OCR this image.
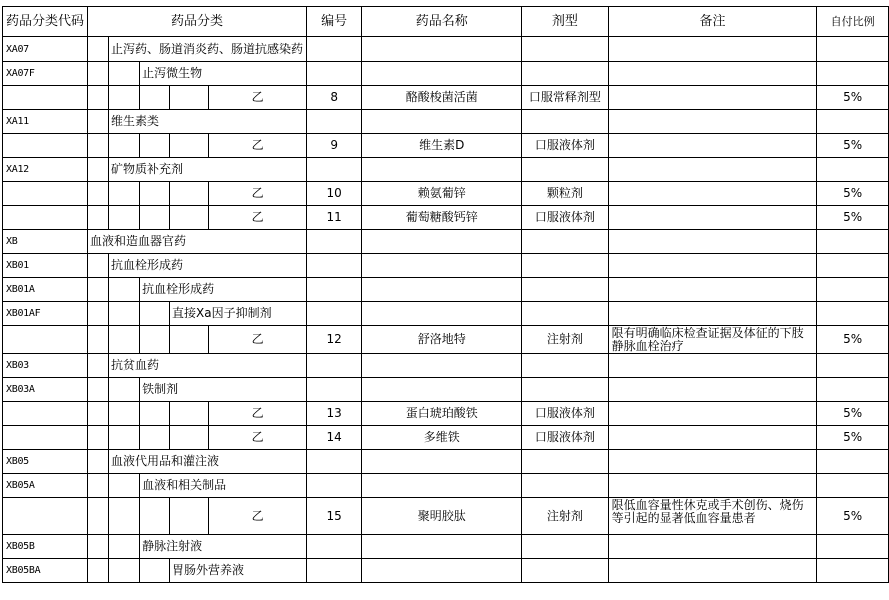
药品分类代码	药品分类					编号	药品名称	剂型	备注	自付比例
XA07		止泻药、肠道消炎药、肠道抗感染药								
XA07F			止泻微生物							
					乙	8	酪酸梭菌活菌	口服常释剂型		5%
XA11		维生素类								
					乙	9	维生素D	口服液体剂		5%
XA12		矿物质补充剂								
					乙	10	赖氨葡锌	颗粒剂		5%
					乙	11	葡萄糖酸钙锌	口服液体剂		5%
XB	血液和造血器官药									
XB01		抗血栓形成药								
XB01A			抗血栓形成药							
XB01AF				直接Xa因子抑制剂						
					乙	12	舒洛地特	注射剂	限有明确临床检查证据及体征的下肢静脉血栓治疗	5%
XB03		抗贫血药								
XB03A			铁制剂							
					乙	13	蛋白琥珀酸铁	口服液体剂		5%
					乙	14	多维铁	口服液体剂		5%
XB05		血液代用品和灌注液								
XB05A			血液和相关制品							
					乙	15	聚明胶肽	注射剂	限低血容量性休克或手术创伤、烧伤等引起的显著低血容量患者	5%
XB05B			静脉注射液							
XB05BA				胃肠外营养液						
